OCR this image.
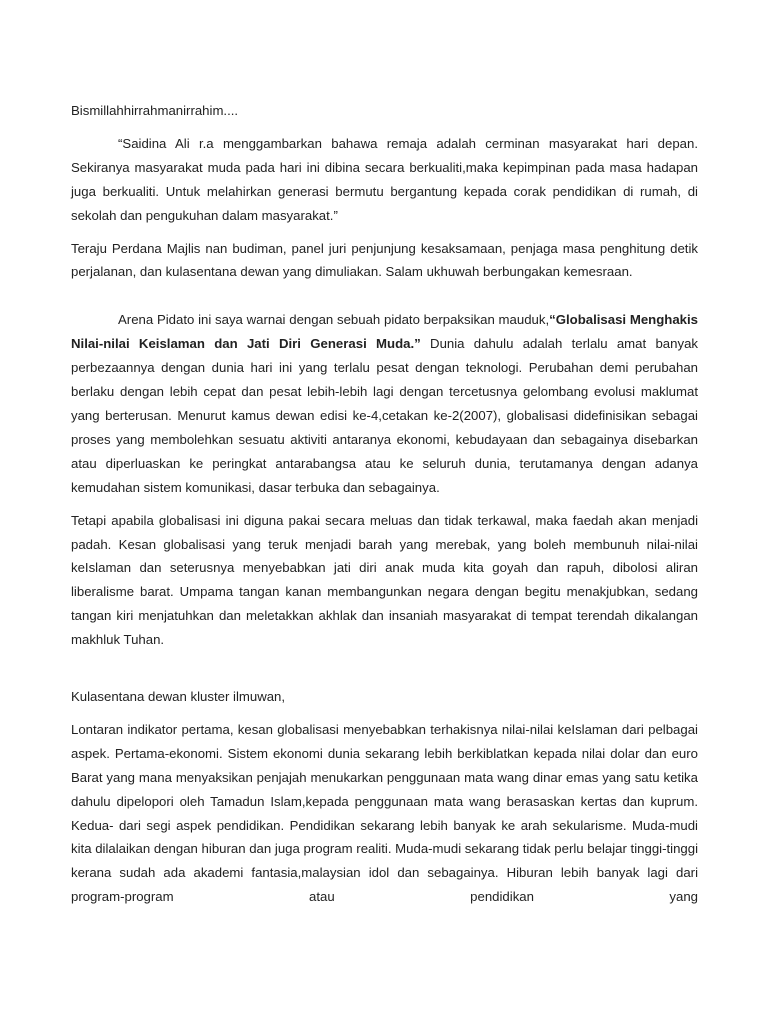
Bismillahhirrahmanirrahim....

“Saidina Ali r.a menggambarkan bahawa remaja adalah cerminan masyarakat hari depan. Sekiranya masyarakat muda pada hari ini dibina secara berkualiti,maka kepimpinan pada masa hadapan juga berkualiti. Untuk melahirkan generasi bermutu bergantung kepada corak pendidikan di rumah, di sekolah dan pengukuhan dalam masyarakat.”

Teraju Perdana Majlis nan budiman, panel juri penjunjung kesaksamaan, penjaga masa penghitung detik perjalanan, dan kulasentana dewan yang dimuliakan. Salam ukhuwah berbungakan kemesraan.

Arena Pidato ini saya warnai dengan sebuah pidato berpaksikan mauduk,“Globalisasi Menghakis Nilai-nilai Keislaman dan Jati Diri Generasi Muda.” Dunia dahulu adalah terlalu amat banyak perbezaannya dengan dunia hari ini yang terlalu pesat dengan teknologi. Perubahan demi perubahan berlaku dengan lebih cepat dan pesat lebih-lebih lagi dengan tercetusnya gelombang evolusi maklumat yang berterusan. Menurut kamus dewan edisi ke-4,cetakan ke-2(2007), globalisasi didefinisikan sebagai proses yang membolehkan sesuatu aktiviti antaranya ekonomi, kebudayaan dan sebagainya disebarkan atau diperluaskan ke peringkat antarabangsa atau ke seluruh dunia, terutamanya dengan adanya kemudahan sistem komunikasi, dasar terbuka dan sebagainya.

Tetapi apabila globalisasi ini diguna pakai secara meluas dan tidak terkawal, maka faedah akan menjadi padah. Kesan globalisasi yang teruk menjadi barah yang merebak, yang boleh membunuh nilai-nilai keIslaman dan seterusnya menyebabkan jati diri anak muda kita goyah dan rapuh, dibolosi aliran liberalisme barat. Umpama tangan kanan membangunkan negara dengan begitu menakjubkan, sedang tangan kiri menjatuhkan dan meletakkan akhlak dan insaniah masyarakat di tempat terendah dikalangan makhluk Tuhan.

Kulasentana dewan kluster ilmuwan,

Lontaran indikator pertama, kesan globalisasi menyebabkan terhakisnya nilai-nilai keIslaman dari pelbagai aspek. Pertama-ekonomi. Sistem ekonomi dunia sekarang lebih berkiblatkan kepada nilai dolar dan euro Barat yang mana menyaksikan penjajah menukarkan penggunaan mata wang dinar emas yang satu ketika dahulu dipelopori oleh Tamadun Islam,kepada penggunaan mata wang berasaskan kertas dan kuprum. Kedua- dari segi aspek pendidikan. Pendidikan sekarang lebih banyak ke arah sekularisme. Muda-mudi kita dilalaikan dengan hiburan dan juga program realiti. Muda-mudi sekarang tidak perlu belajar tinggi-tinggi kerana sudah ada akademi fantasia,malaysian idol dan sebagainya. Hiburan lebih banyak lagi dari program-program atau pendidikan yang
